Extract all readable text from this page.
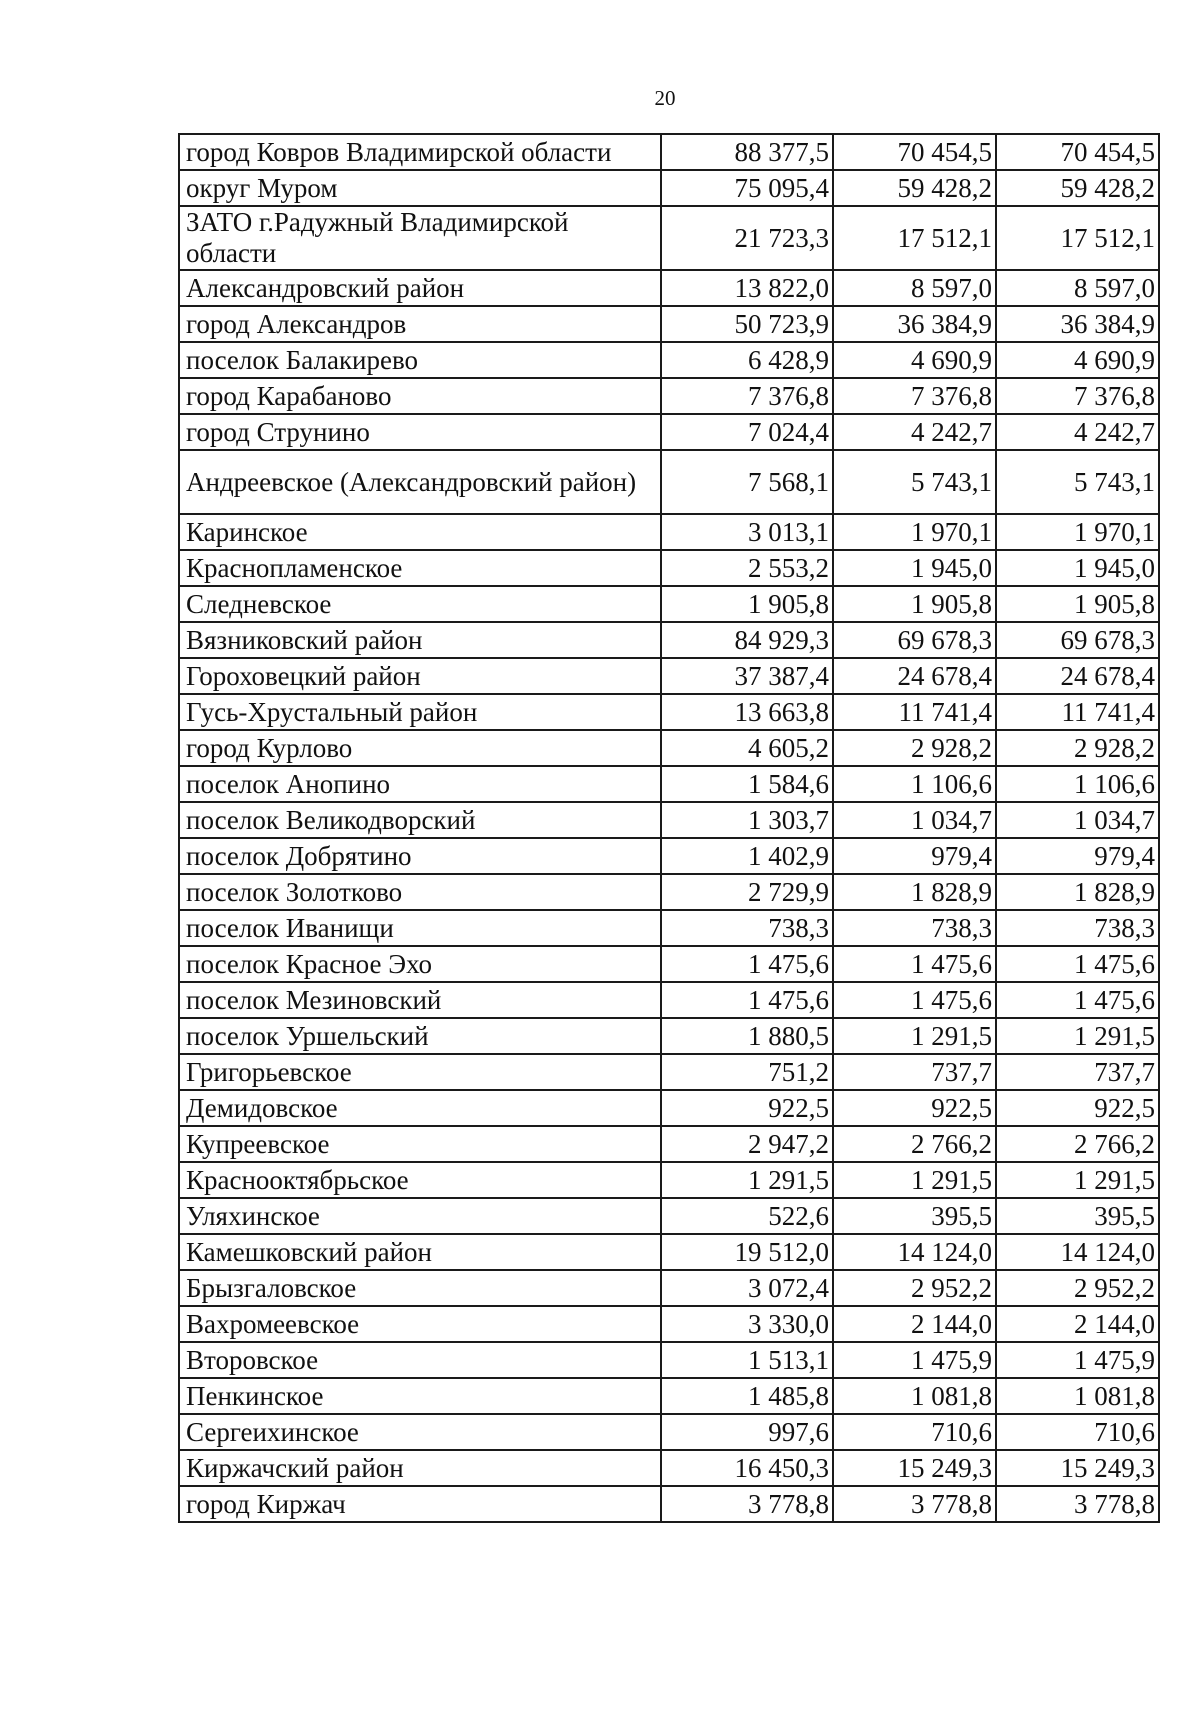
20
город Ковров Владимирской области	88 377,5	70 454,5	70 454,5
округ Муром	75 095,4	59 428,2	59 428,2
ЗАТО г.Радужный Владимирской области	21 723,3	17 512,1	17 512,1
Александровский район	13 822,0	8 597,0	8 597,0
город Александров	50 723,9	36 384,9	36 384,9
поселок Балакирево	6 428,9	4 690,9	4 690,9
город Карабаново	7 376,8	7 376,8	7 376,8
город Струнино	7 024,4	4 242,7	4 242,7
Андреевское (Александровский район)	7 568,1	5 743,1	5 743,1
Каринское	3 013,1	1 970,1	1 970,1
Краснопламенское	2 553,2	1 945,0	1 945,0
Следневское	1 905,8	1 905,8	1 905,8
Вязниковский район	84 929,3	69 678,3	69 678,3
Гороховецкий район	37 387,4	24 678,4	24 678,4
Гусь-Хрустальный район	13 663,8	11 741,4	11 741,4
город Курлово	4 605,2	2 928,2	2 928,2
поселок Анопино	1 584,6	1 106,6	1 106,6
поселок Великодворский	1 303,7	1 034,7	1 034,7
поселок Добрятино	1 402,9	979,4	979,4
поселок Золотково	2 729,9	1 828,9	1 828,9
поселок Иванищи	738,3	738,3	738,3
поселок Красное Эхо	1 475,6	1 475,6	1 475,6
поселок Мезиновский	1 475,6	1 475,6	1 475,6
поселок Уршельский	1 880,5	1 291,5	1 291,5
Григорьевское	751,2	737,7	737,7
Демидовское	922,5	922,5	922,5
Купреевское	2 947,2	2 766,2	2 766,2
Краснооктябрьское	1 291,5	1 291,5	1 291,5
Уляхинское	522,6	395,5	395,5
Камешковский район	19 512,0	14 124,0	14 124,0
Брызгаловское	3 072,4	2 952,2	2 952,2
Вахромеевское	3 330,0	2 144,0	2 144,0
Второвское	1 513,1	1 475,9	1 475,9
Пенкинское	1 485,8	1 081,8	1 081,8
Сергеихинское	997,6	710,6	710,6
Киржачский район	16 450,3	15 249,3	15 249,3
город Киржач	3 778,8	3 778,8	3 778,8
